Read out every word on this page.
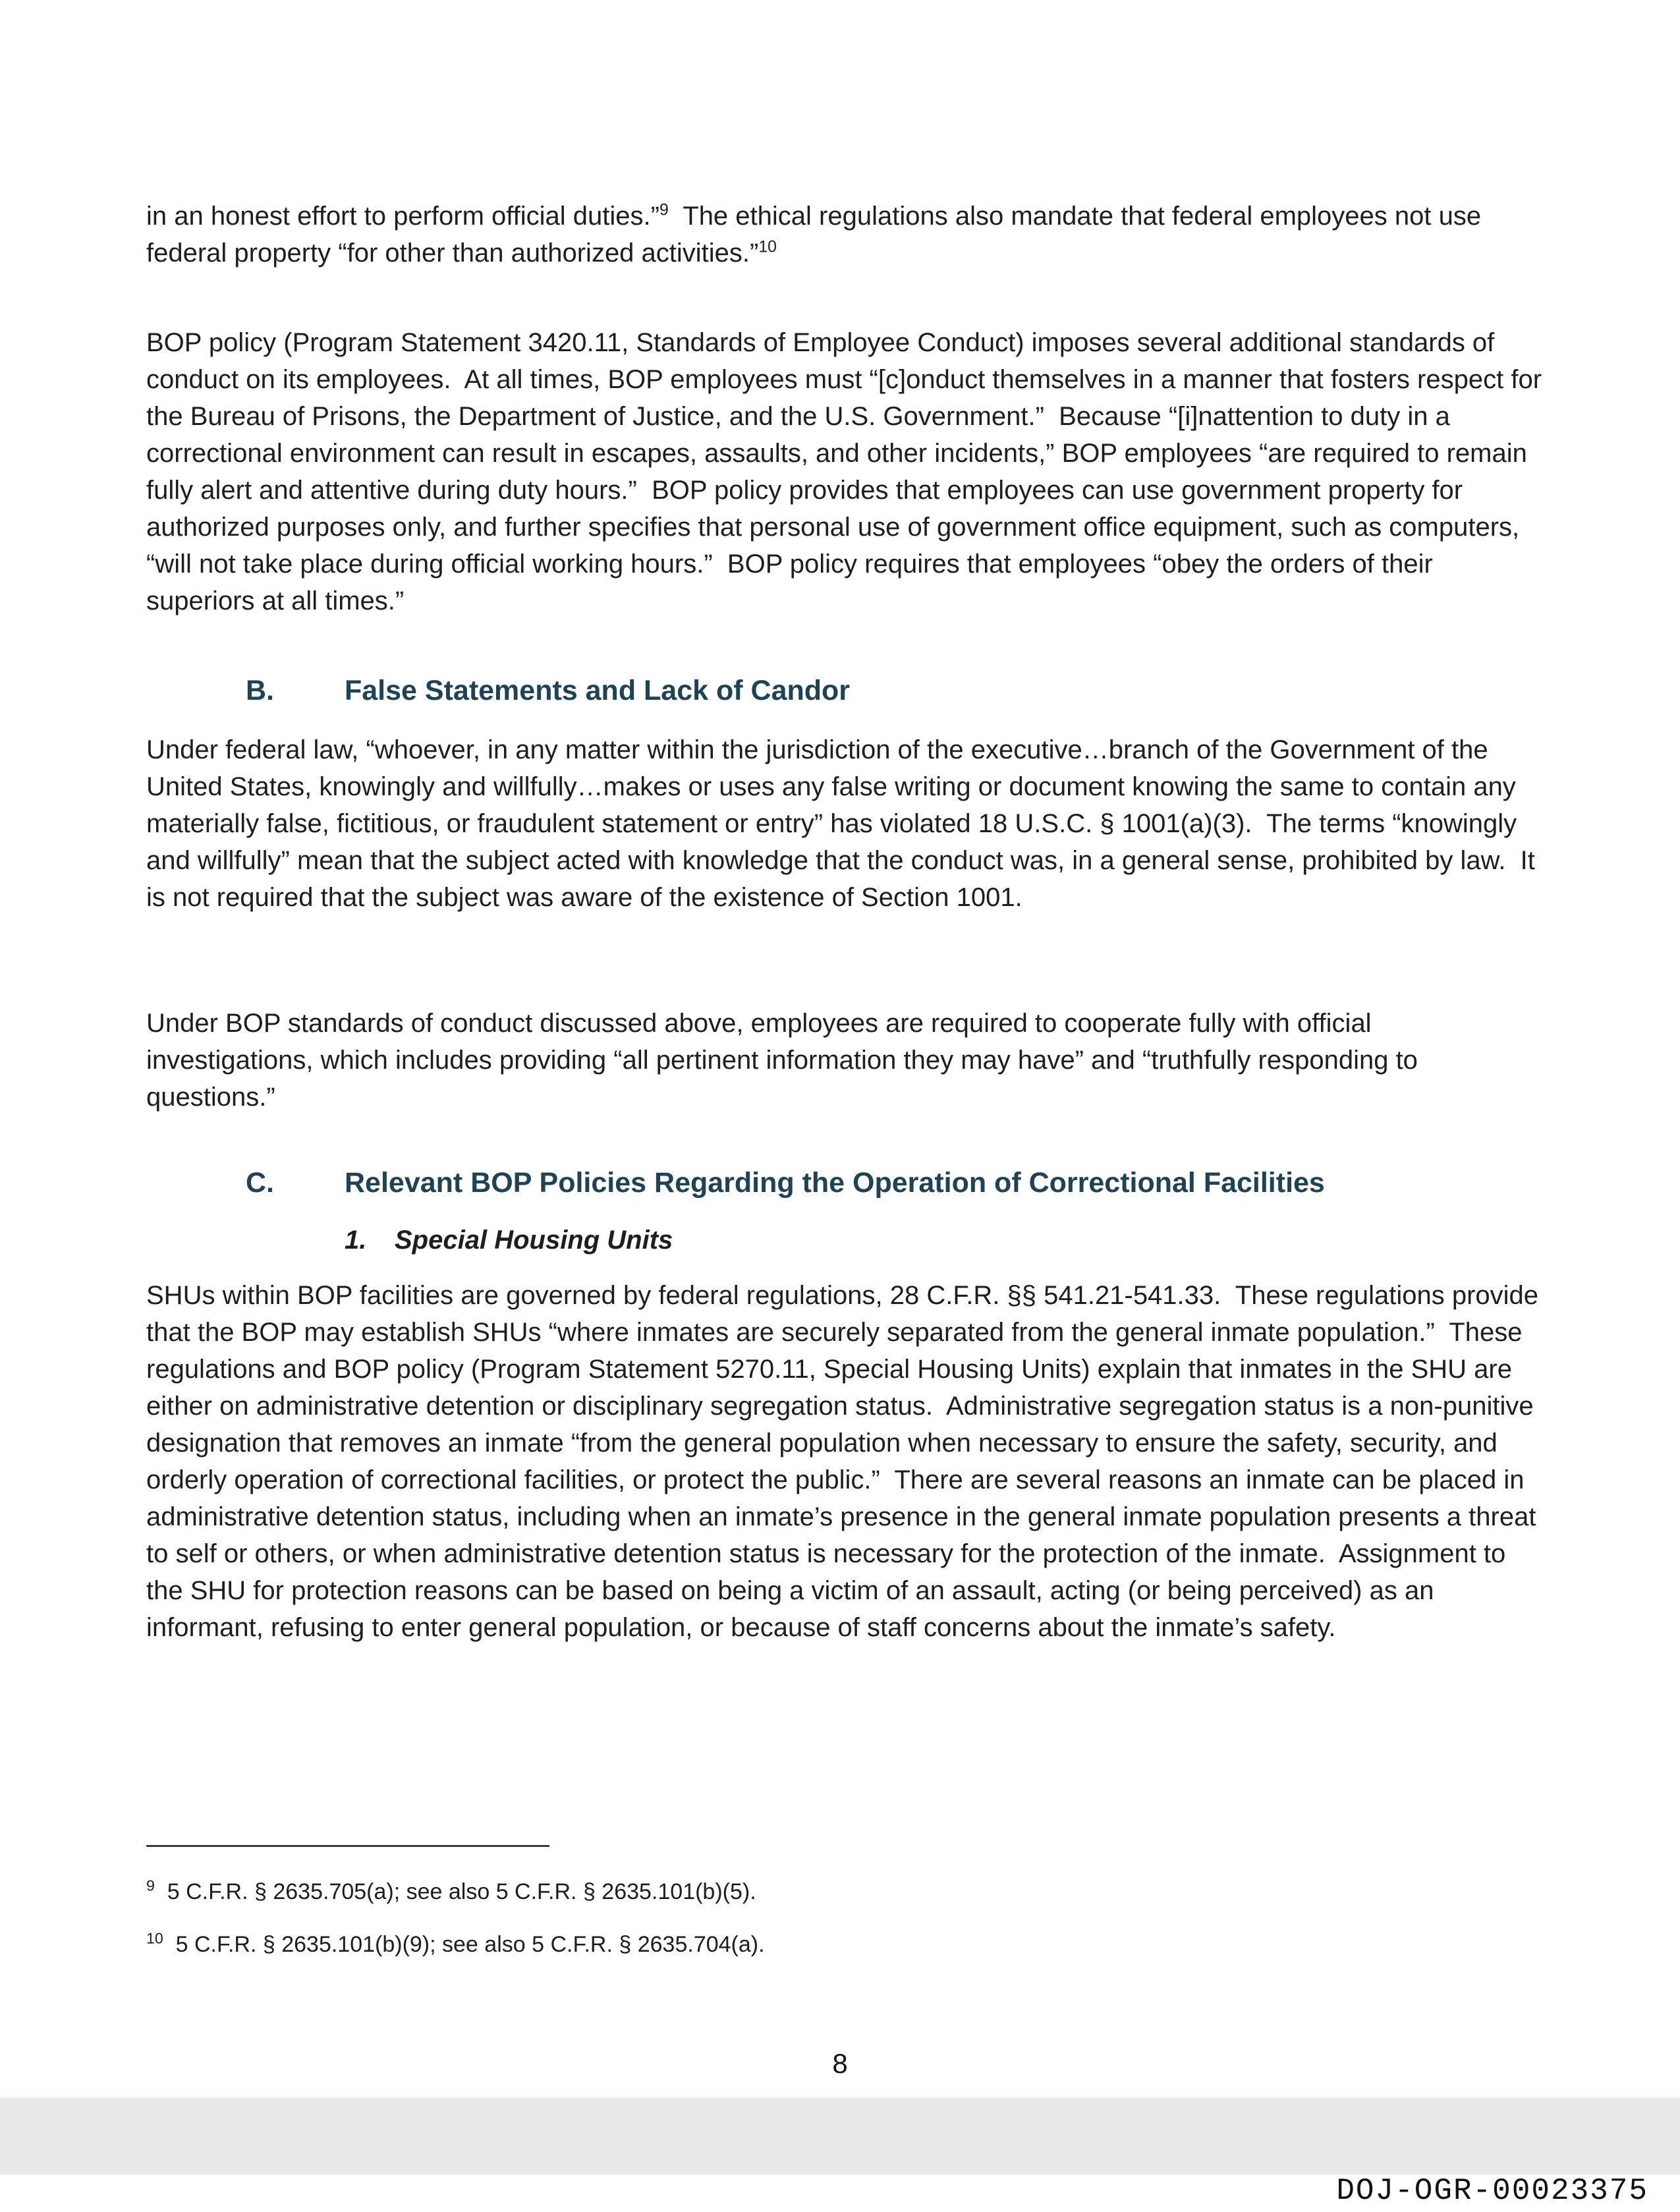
in an honest effort to perform official duties.”$^9$  The ethical regulations also mandate that federal employees not use federal property “for other than authorized activities.”$^{10}$

BOP policy (Program Statement 3420.11, Standards of Employee Conduct) imposes several additional standards of conduct on its employees.  At all times, BOP employees must “[c]onduct themselves in a manner that fosters respect for the Bureau of Prisons, the Department of Justice, and the U.S. Government.”  Because “[i]nattention to duty in a correctional environment can result in escapes, assaults, and other incidents,” BOP employees “are required to remain fully alert and attentive during duty hours.”  BOP policy provides that employees can use government property for authorized purposes only, and further specifies that personal use of government office equipment, such as computers, “will not take place during official working hours.”  BOP policy requires that employees “obey the orders of their superiors at all times.”

B. False Statements and Lack of Candor

Under federal law, “whoever, in any matter within the jurisdiction of the executive…branch of the Government of the United States, knowingly and willfully…makes or uses any false writing or document knowing the same to contain any materially false, fictitious, or fraudulent statement or entry” has violated 18 U.S.C. § 1001(a)(3).  The terms “knowingly and willfully” mean that the subject acted with knowledge that the conduct was, in a general sense, prohibited by law.  It is not required that the subject was aware of the existence of Section 1001.

Under BOP standards of conduct discussed above, employees are required to cooperate fully with official investigations, which includes providing “all pertinent information they may have” and “truthfully responding to questions.”

C. Relevant BOP Policies Regarding the Operation of Correctional Facilities
1. Special Housing Units

SHUs within BOP facilities are governed by federal regulations, 28 C.F.R. §§ 541.21-541.33.  These regulations provide that the BOP may establish SHUs “where inmates are securely separated from the general inmate population.”  These regulations and BOP policy (Program Statement 5270.11, Special Housing Units) explain that inmates in the SHU are either on administrative detention or disciplinary segregation status.  Administrative segregation status is a non-punitive designation that removes an inmate “from the general population when necessary to ensure the safety, security, and orderly operation of correctional facilities, or protect the public.”  There are several reasons an inmate can be placed in administrative detention status, including when an inmate’s presence in the general inmate population presents a threat to self or others, or when administrative detention status is necessary for the protection of the inmate.  Assignment to the SHU for protection reasons can be based on being a victim of an assault, acting (or being perceived) as an informant, refusing to enter general population, or because of staff concerns about the inmate’s safety.

$^9$  5 C.F.R. § 2635.705(a); see also 5 C.F.R. § 2635.101(b)(5).

$^{10}$  5 C.F.R. § 2635.101(b)(9); see also 5 C.F.R. § 2635.704(a).

8

DOJ-OGR-00023375
